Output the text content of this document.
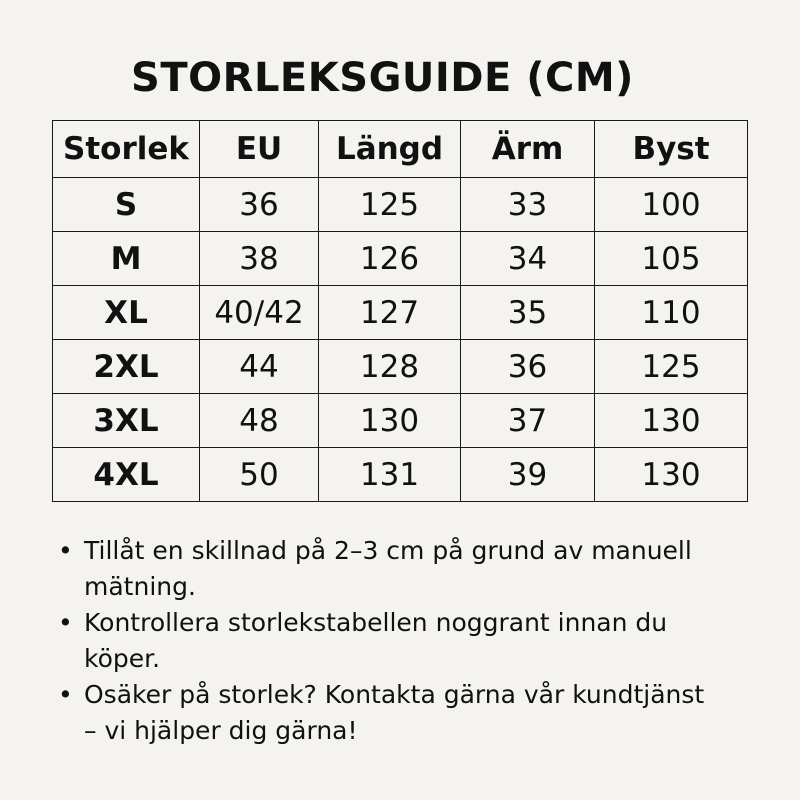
STORLEKSGUIDE (CM)
Storlek	EU	Längd	Ärm	Byst
S	36	125	33	100
M	38	126	34	105
XL	40/42	127	35	110
2XL	44	128	36	125
3XL	48	130	37	130
4XL	50	131	39	130
• Tillåt en skillnad på 2–3 cm på grund av manuell mätning.
• Kontrollera storlekstabellen noggrant innan du köper.
• Osäker på storlek? Kontakta gärna vår kundtjänst – vi hjälper dig gärna!
